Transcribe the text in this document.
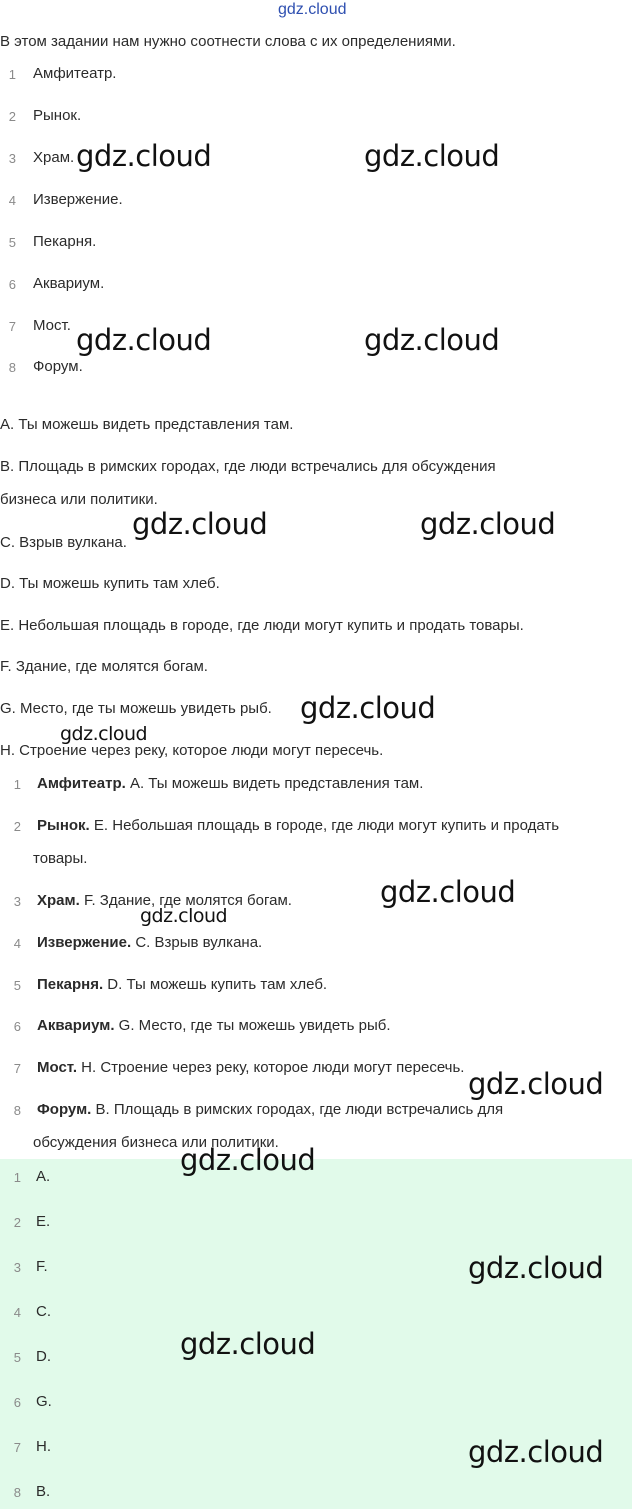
gdz.cloud
В этом задании нам нужно соотнести слова с их определениями.
1 Амфитеатр.
2 Рынок.
3 Храм.
4 Извержение.
5 Пекарня.
6 Аквариум.
7 Мост.
8 Форум.
A. Ты можешь видеть представления там.
B. Площадь в римских городах, где люди встречались для обсуждения
бизнеса или политики.
C. Взрыв вулкана.
D. Ты можешь купить там хлеб.
E. Небольшая площадь в городе, где люди могут купить и продать товары.
F. Здание, где молятся богам.
G. Место, где ты можешь увидеть рыб.
H. Строение через реку, которое люди могут пересечь.
1 Амфитеатр. A. Ты можешь видеть представления там.
2 Рынок. E. Небольшая площадь в городе, где люди могут купить и продать
товары.
3 Храм. F. Здание, где молятся богам.
4 Извержение. C. Взрыв вулкана.
5 Пекарня. D. Ты можешь купить там хлеб.
6 Аквариум. G. Место, где ты можешь увидеть рыб.
7 Мост. H. Строение через реку, которое люди могут пересечь.
8 Форум. B. Площадь в римских городах, где люди встречались для
обсуждения бизнеса или политики.
1 A.
2 E.
3 F.
4 C.
5 D.
6 G.
7 H.
8 B.
gdz.cloud	gdz.cloud
gdz.cloud	gdz.cloud
gdz.cloud	gdz.cloud
gdz.cloud
gdz.cloud
gdz.cloud
gdz.cloud
gdz.cloud
gdz.cloud
gdz.cloud
gdz.cloud
gdz.cloud
